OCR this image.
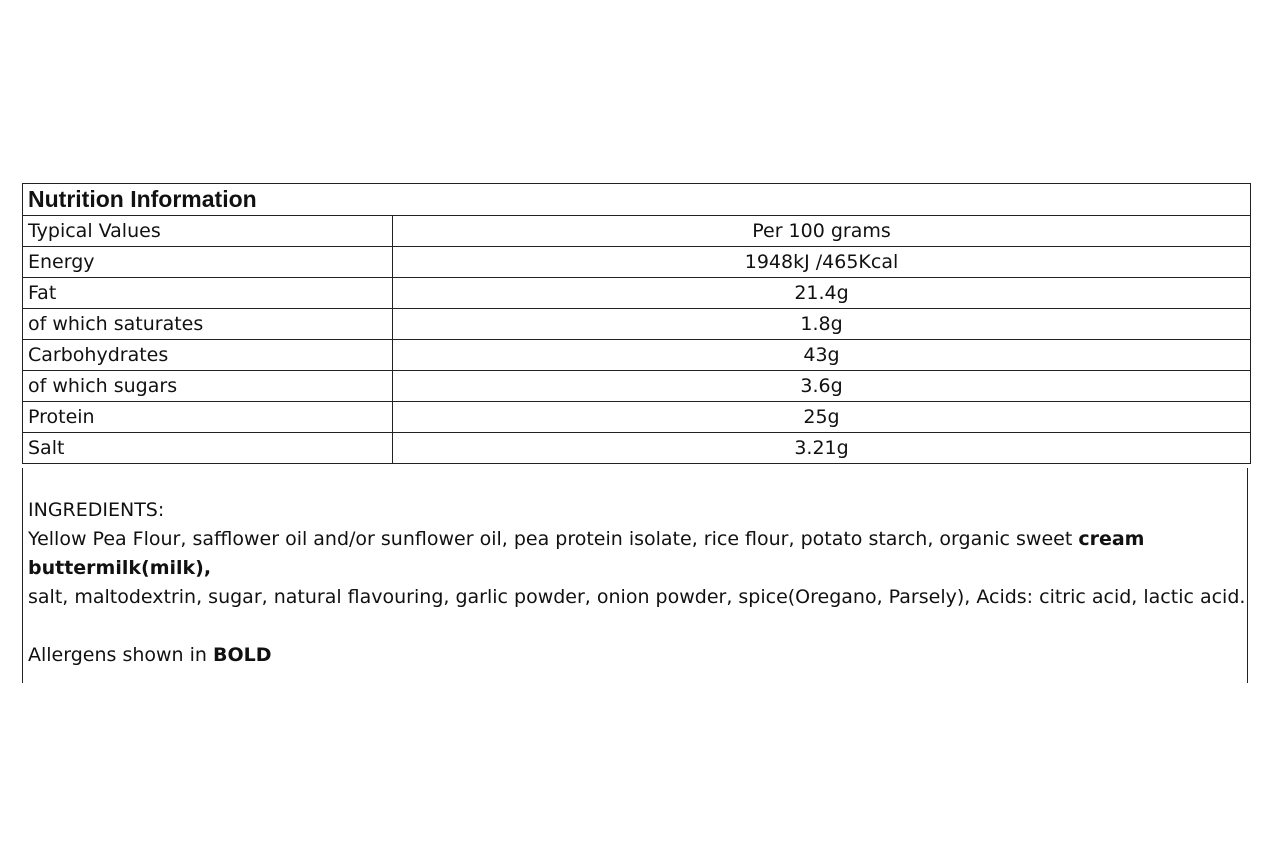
Nutrition Information	
Typical Values	Per 100 grams
Energy	1948kJ /465Kcal
Fat	21.4g
of which saturates	1.8g
Carbohydrates	43g
of which sugars	3.6g
Protein	25g
Salt	3.21g
INGREDIENTS:
Yellow Pea Flour, safflower oil and/or sunflower oil, pea protein isolate, rice flour, potato starch, organic sweet cream
buttermilk(milk),
salt, maltodextrin, sugar, natural flavouring, garlic powder, onion powder, spice(Oregano, Parsely), Acids: citric acid, lactic acid.
Allergens shown in BOLD
